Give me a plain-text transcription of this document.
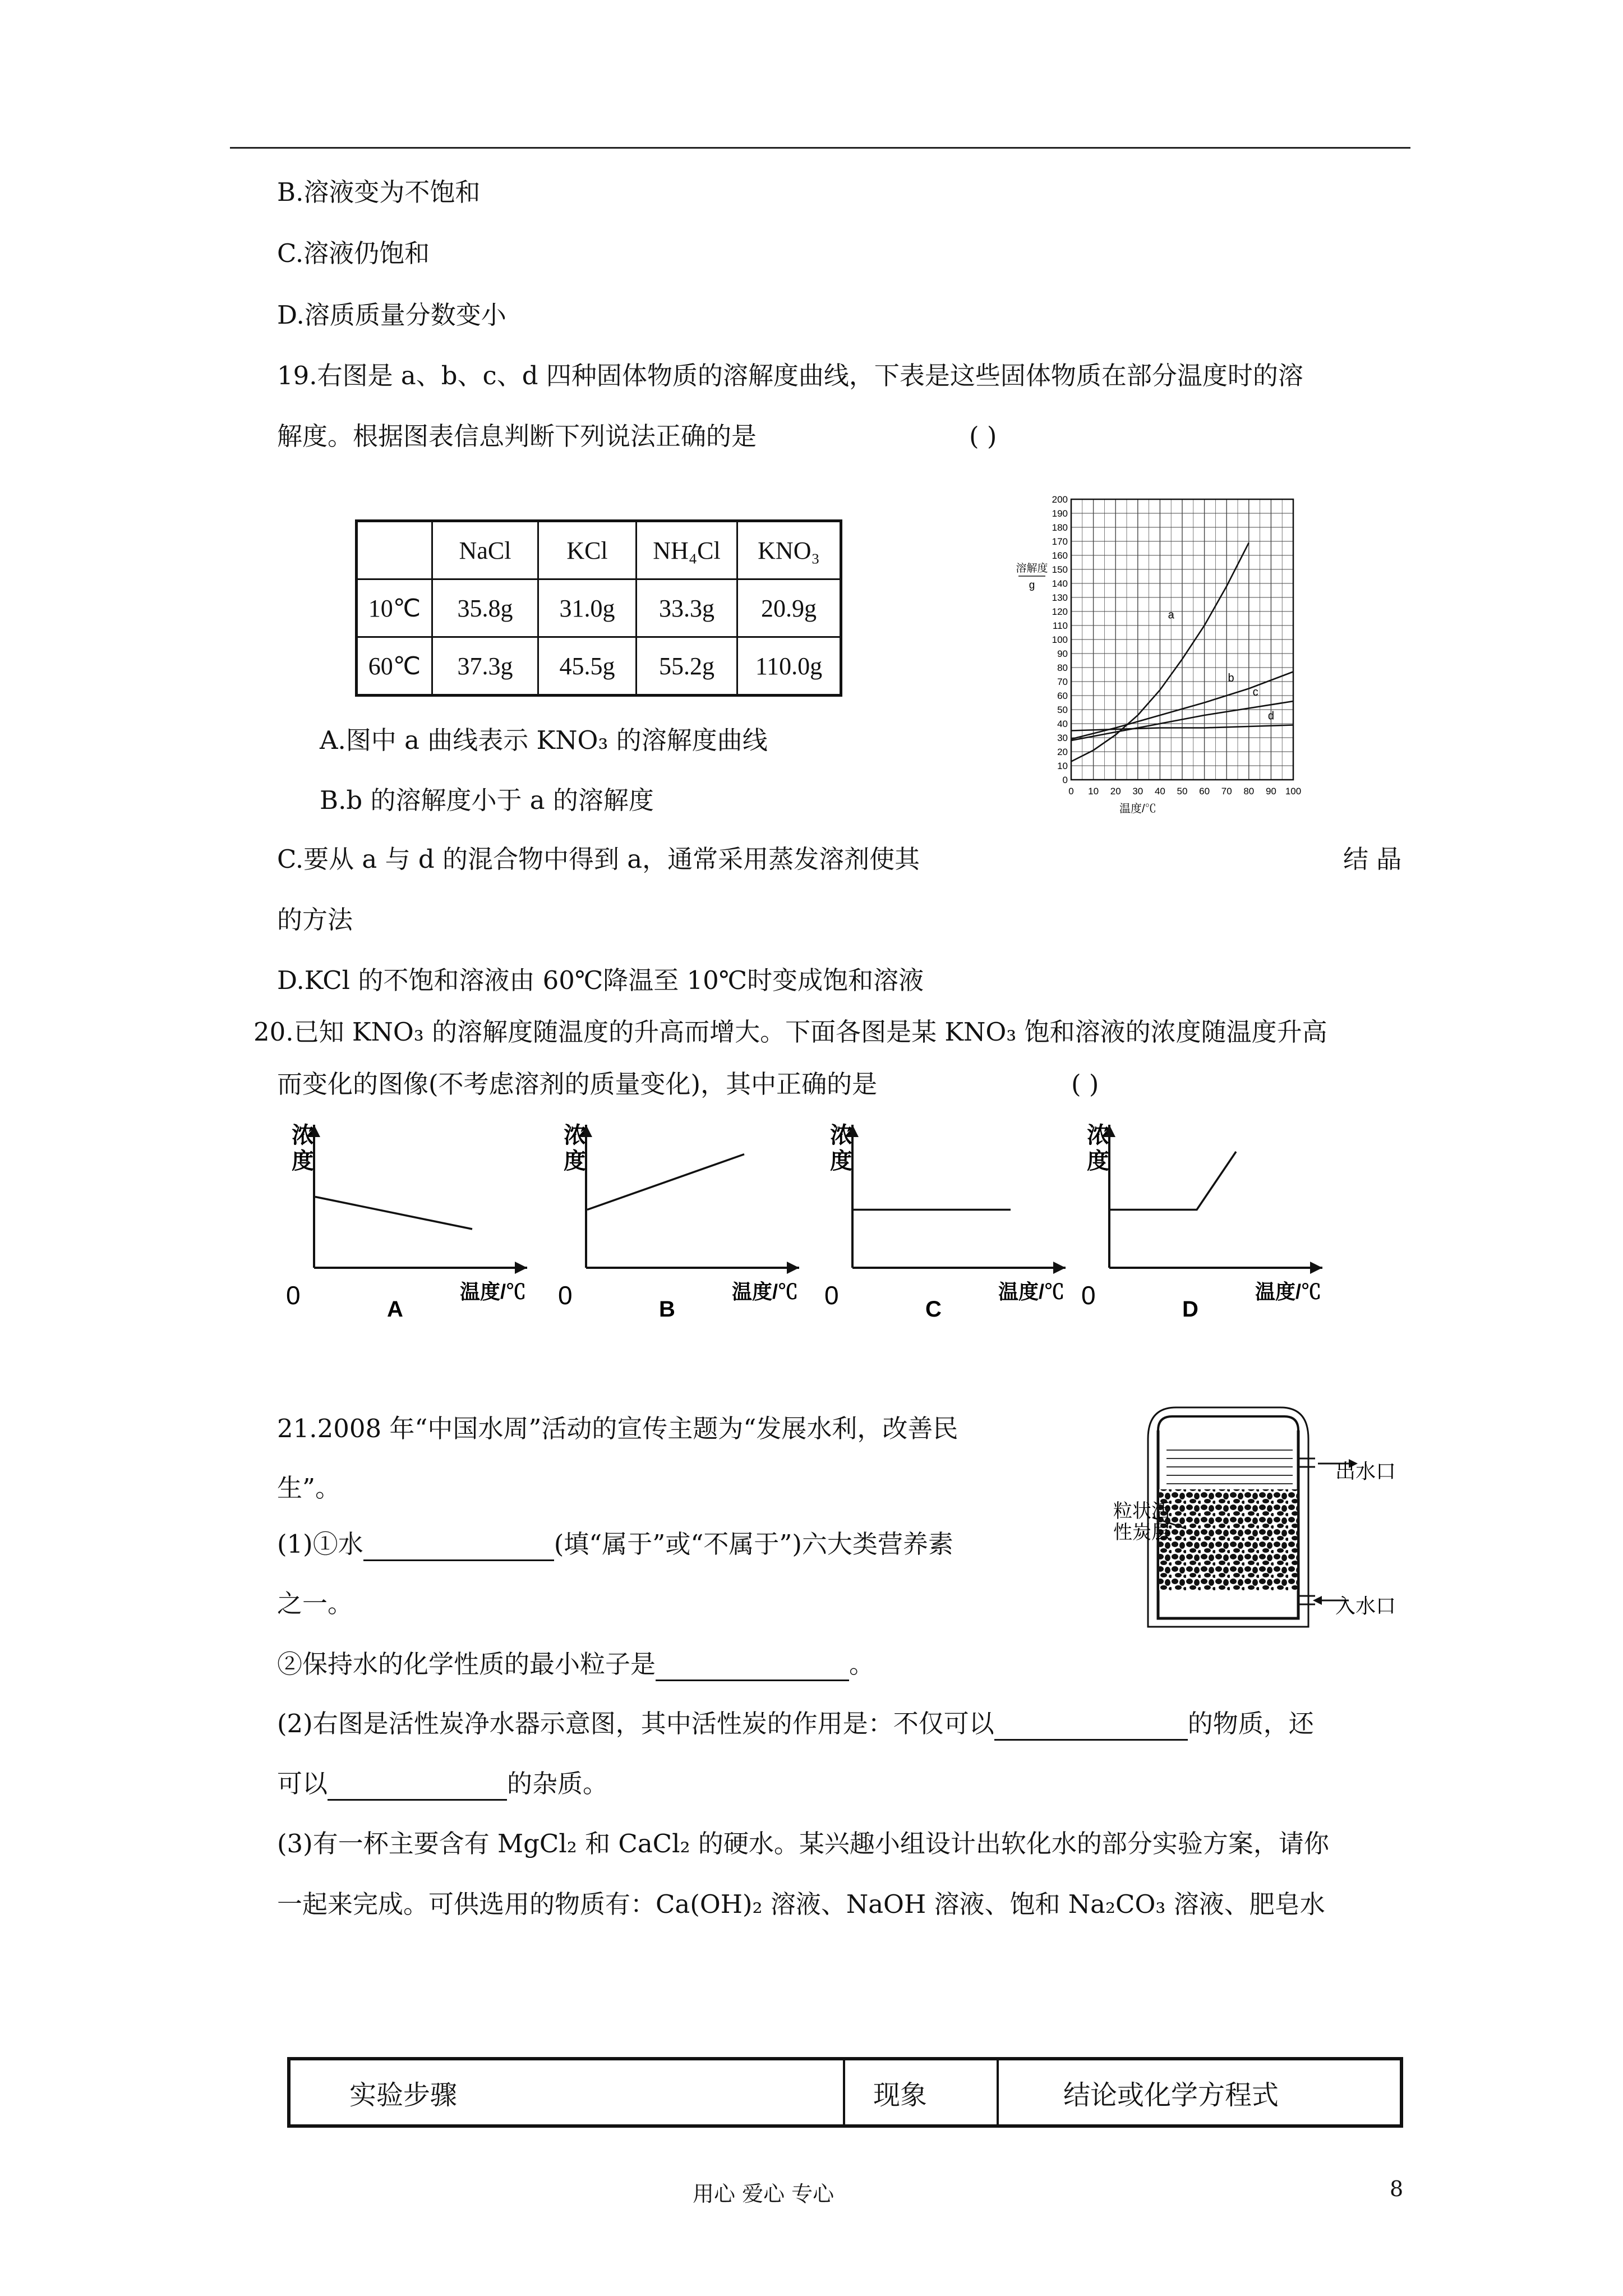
B.溶液变为不饱和
C.溶液仍饱和
D.溶质质量分数变小
19.右图是 a、b、c、d 四种固体物质的溶解度曲线，下表是这些固体物质在部分温度时的溶
解度。根据图表信息判断下列说法正确的是	( )
	NaCl	KCl	NH₄Cl	KNO₃
10℃	35.8g	31.0g	33.3g	20.9g
60℃	37.3g	45.5g	55.2g	110.0g
0 10 20 30 40 50 60 70 80 90 100
0
10
20
30
40
50
60
70
80
90
100
110
120
130
140
150
160
170
180
190
200
溶解度
g
温度/℃
a
b
c
d
A.图中 a 曲线表示 KNO₃ 的溶解度曲线
B.b 的溶解度小于 a 的溶解度
C.要从 a 与 d 的混合物中得到 a，通常采用蒸发溶剂使其	结 晶
的方法
D.KCl 的不饱和溶液由 60℃降温至 10℃时变成饱和溶液
20.已知 KNO₃ 的溶解度随温度的升高而增大。下面各图是某 KNO₃ 饱和溶液的浓度随温度升高
而变化的图像(不考虑溶剂的质量变化)，其中正确的是	( )
浓
度
0	温度/℃
A
浓
度
0	温度/℃
B
浓
度
0	温度/℃
C
浓
度
0	温度/℃
D
21.2008 年“中国水周”活动的宣传主题为“发展水利，改善民
生”。
(1)①水	(填“属于”或“不属于”)六大类营养素
之一。
②保持水的化学性质的最小粒子是	。
(2)右图是活性炭净水器示意图，其中活性炭的作用是：不仅可以	的物质，还
可以	的杂质。
(3)有一杯主要含有 MgCl₂ 和 CaCl₂ 的硬水。某兴趣小组设计出软化水的部分实验方案，请你
一起来完成。可供选用的物质有：Ca(OH)₂ 溶液、NaOH 溶液、饱和 Na₂CO₃ 溶液、肥皂水
出水口
入水口
粒状活
性炭层
实验步骤	现象	结论或化学方程式
用心 爱心 专心	8
